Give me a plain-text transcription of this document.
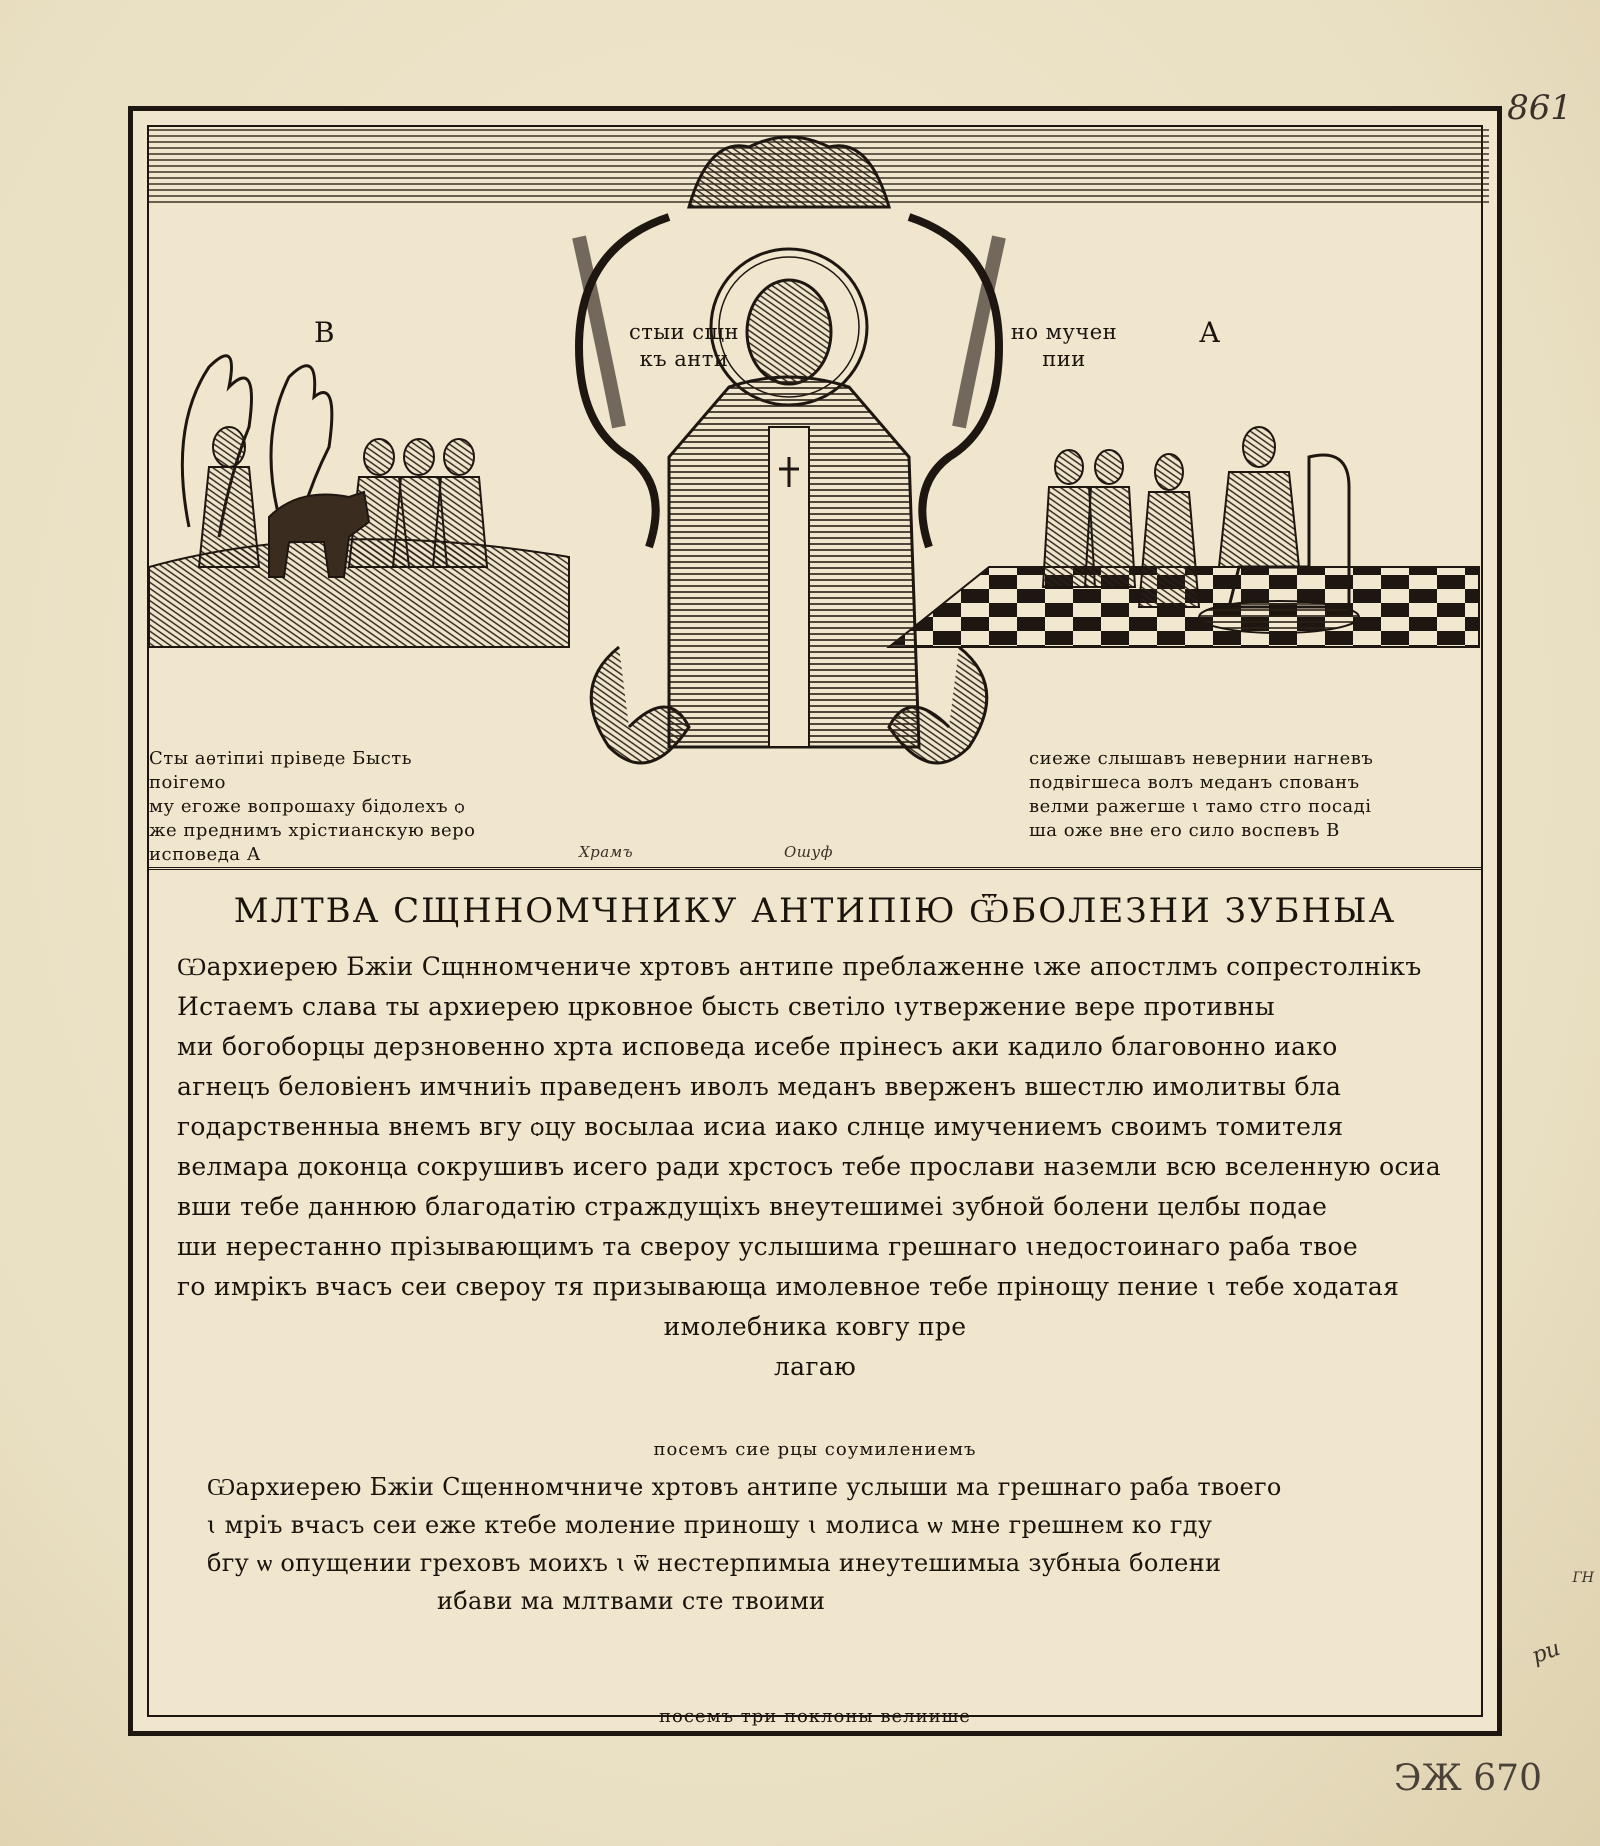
861
ЭЖ 670
ГН
ри
стыи сщн
къ анти
но мучен
пии
В	А
Сты аѳтіпиі пріведе Бысть поігемо
му егоже вопрошаху бідолехъ ѻ
же преднимъ хрістианскую веро
исповеда А
сиеже слышавъ невернии нагневъ
подвігшеса волъ меданъ спованъ
велми ражегше ꙇ тамо стго посаді
ша оже вне его сило воспевъ В
Храмъ	Ошуф
МЛТВА СЩННОМЧНИКУ АНТИПІЮ ѾБОЛЕЗНИ ЗУБНЫА
Ѡархиерею Бжіи Сщнномчениче хртовъ антипе преблаженне ꙇже апостлмъ сопрестолнікъ
Истаемъ слава ты архиерею црковное бысть светіло ꙇутвержение вере противны
ми богоборцы дерзновенно хрта исповеда исебе прінесъ аки кадило благовонно иако
агнецъ беловіенъ имчниіъ праведенъ иволъ меданъ вверженъ вшестлю имолитвы бла
годарственныа внемъ вгу ѻцу восылаа исиа иако слнце имучениемъ своимъ томителя
велмара доконца сокрушивъ исего ради хрстосъ тебе прослави наземли всю вселенную осиа
вши тебе даннюю благодатію страждущіхъ внеутешимеі зубной болени целбы подае
ши нерестанно прізывающимъ та свероу услышима грешнаго ꙇнедостоинаго раба твое
го имрікъ вчасъ сеи свероу тя призывающа имолевное тебе прінощу пение ꙇ тебе ходатая
имолебника ковгу пре
лагаю
посемъ сие рцы соумилениемъ
Ѡархиерею Бжіи Сщенномчниче хртовъ антипе услыши ма грешнаго раба твоего
ꙇ мріъ вчасъ сеи еже ктебе моление приношу ꙇ молиса ѡ мне грешнем ко гду
бгу ѡ опущении греховъ моихъ ꙇ ѿ нестерпимыа инеутешимыа зубныа болени
ибави ма млтвами сте твоими
посемъ три поклоны велиише
